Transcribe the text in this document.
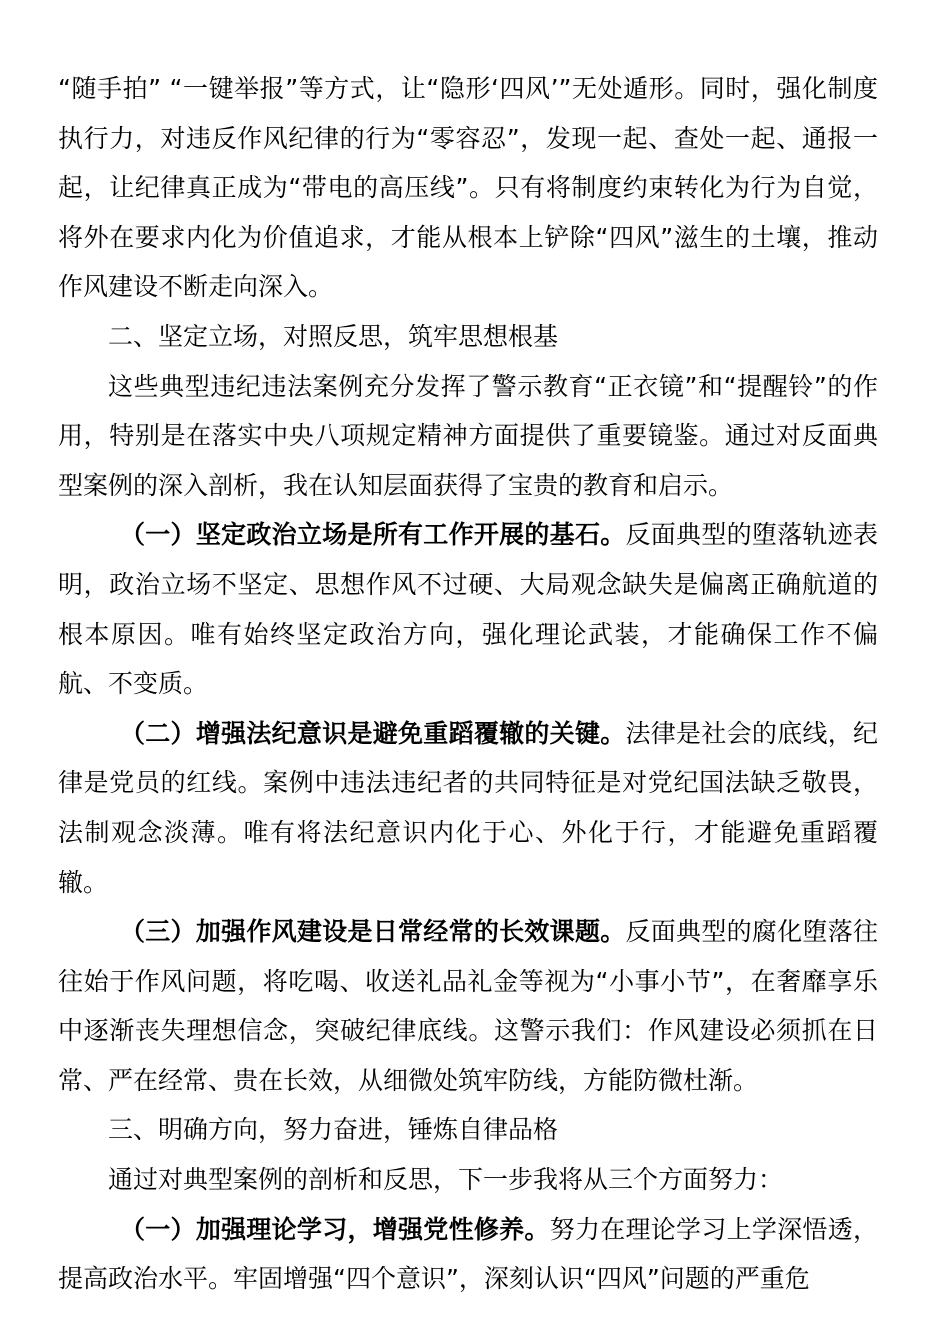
“随手拍” “一键举报”等方式，让“隐形‘四风’”无处遁形。同时，强化制度执行力，对违反作风纪律的行为“零容忍”，发现一起、查处一起、通报一起，让纪律真正成为“带电的高压线”。只有将制度约束转化为行为自觉，将外在要求内化为价值追求，才能从根本上铲除“四风”滋生的土壤，推动作风建设不断走向深入。

二、坚定立场，对照反思，筑牢思想根基

这些典型违纪违法案例充分发挥了警示教育“正衣镜”和“提醒铃”的作用，特别是在落实中央八项规定精神方面提供了重要镜鉴。通过对反面典型案例的深入剖析，我在认知层面获得了宝贵的教育和启示。

（一）坚定政治立场是所有工作开展的基石。反面典型的堕落轨迹表明，政治立场不坚定、思想作风不过硬、大局观念缺失是偏离正确航道的根本原因。唯有始终坚定政治方向，强化理论武装，才能确保工作不偏航、不变质。

（二）增强法纪意识是避免重蹈覆辙的关键。法律是社会的底线，纪律是党员的红线。案例中违法违纪者的共同特征是对党纪国法缺乏敬畏，法制观念淡薄。唯有将法纪意识内化于心、外化于行，才能避免重蹈覆辙。

（三）加强作风建设是日常经常的长效课题。反面典型的腐化堕落往往始于作风问题，将吃喝、收送礼品礼金等视为“小事小节”，在奢靡享乐中逐渐丧失理想信念，突破纪律底线。这警示我们：作风建设必须抓在日常、严在经常、贵在长效，从细微处筑牢防线，方能防微杜渐。

三、明确方向，努力奋进，锤炼自律品格

通过对典型案例的剖析和反思，下一步我将从三个方面努力：

（一）加强理论学习，增强党性修养。努力在理论学习上学深悟透，提高政治水平。牢固增强“四个意识”，深刻认识“四风”问题的严重危
